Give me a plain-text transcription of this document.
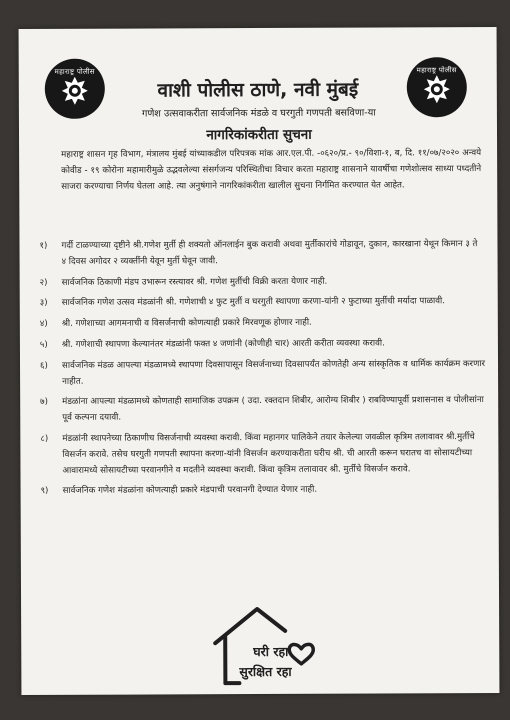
महाराष्ट्र पोलीस	महाराष्ट्र पोलीस
वाशी पोलीस ठाणे, नवी मुंबई
गणेश उत्सवाकरीता सार्वजनिक मंडळे व घरगुती गणपती बसविणा-या
नागरिकांकरीता सुचना
महाराष्ट्र शासन गृह विभाग, मंत्रालय मुंबई यांच्याकडील परिपत्रक मांक आर.एल.पी. -०६२०/प्र.- ९०/विशा-१, ब, दि. ११/०७/२०२० अन्वये कोवीड - १९ कोरोना महामारीमुळे उद्भवलेल्या संसर्गजन्य परिस्थितीचा विचार करता महाराष्ट्र शासनाने यावर्षीचा गणेशोत्सव साध्या पध्दतीने साजरा करण्याचा निर्णय घेतला आहे. त्या अनुषंगाने नागरिकांकरीता खालील सुचना निर्गमित करण्यात येत आहेत.
१) गर्दी टाळण्याच्या दृष्टीने श्री.गणेश मुर्ती ही शक्यतो ऑनलाईन बुक करावी अथवा मुर्तीकारांचे गोडावून, दुकान, कारखाना येथून किमान ३ ते ४ दिवस अगोदर २ व्यक्तींनी येवून मुर्ती घेवून जावी.
२) सार्वजनिक ठिकाणी मंडप उभारून रस्त्यावर श्री. गणेश मुर्तीची विक्री करता येणार नाही.
३) सार्वजनिक गणेश उत्सव मंडळांनी श्री. गणेशाची ४ फुट मुर्ती व घरगुती स्थापणा करणा-यांनी २ फुटाच्या मुर्तीची मर्यादा पाळावी.
४) श्री. गणेशाच्या आगमनाची व विसर्जनाची कोणत्याही प्रकारे मिरवणूक होणार नाही.
५) श्री. गणेशाची स्थापणा केल्यानंतर मंडळांनी फक्त ४ जणांनी (कोणीही चार) आरती करीता व्यवस्था करावी.
६) सार्वजनिक मंडळ आपल्या मंडळामध्ये स्थापणा दिवसापासून विसर्जनाच्या दिवसापर्यंत कोणतेही अन्य सांस्कृतिक व धार्मिक कार्यक्रम करणार नाहीत.
७) मंडळांना आपल्या मंडळामध्ये कोणताही सामाजिक उपक्रम ( उदा. रक्तदान शिबीर, आरोग्य शिबीर ) राबविण्यापूर्वी प्रशासनास व पोलीसांना पूर्व कल्पना दयावी.
८) मंडळांनी स्थापनेच्या ठिकाणीच विसर्जनाची व्यवस्था करावी. किंवा महानगर पालिकेने तयार केलेल्या जवळील कृत्रिम तलावावर श्री.मुर्तीचे विसर्जन करावे. तसेच घरगुती गणपती स्थापना करणा-यांनी विसर्जन करण्याकरीता घरीच श्री. ची आरती करून घरातच वा सोसायटीच्या आवारामध्ये सोसायटीच्या परवानगीने व मदतीने व्यवस्था करावी. किंवा कृत्रिम तलावावर श्री. मुर्तीचे विसर्जन करावे.
९) सार्वजनिक गणेश मंडळांना कोणत्याही प्रकारे मंडपाची परवानगी देण्यात येणार नाही.
घरी रहा
सुरक्षित रहा
